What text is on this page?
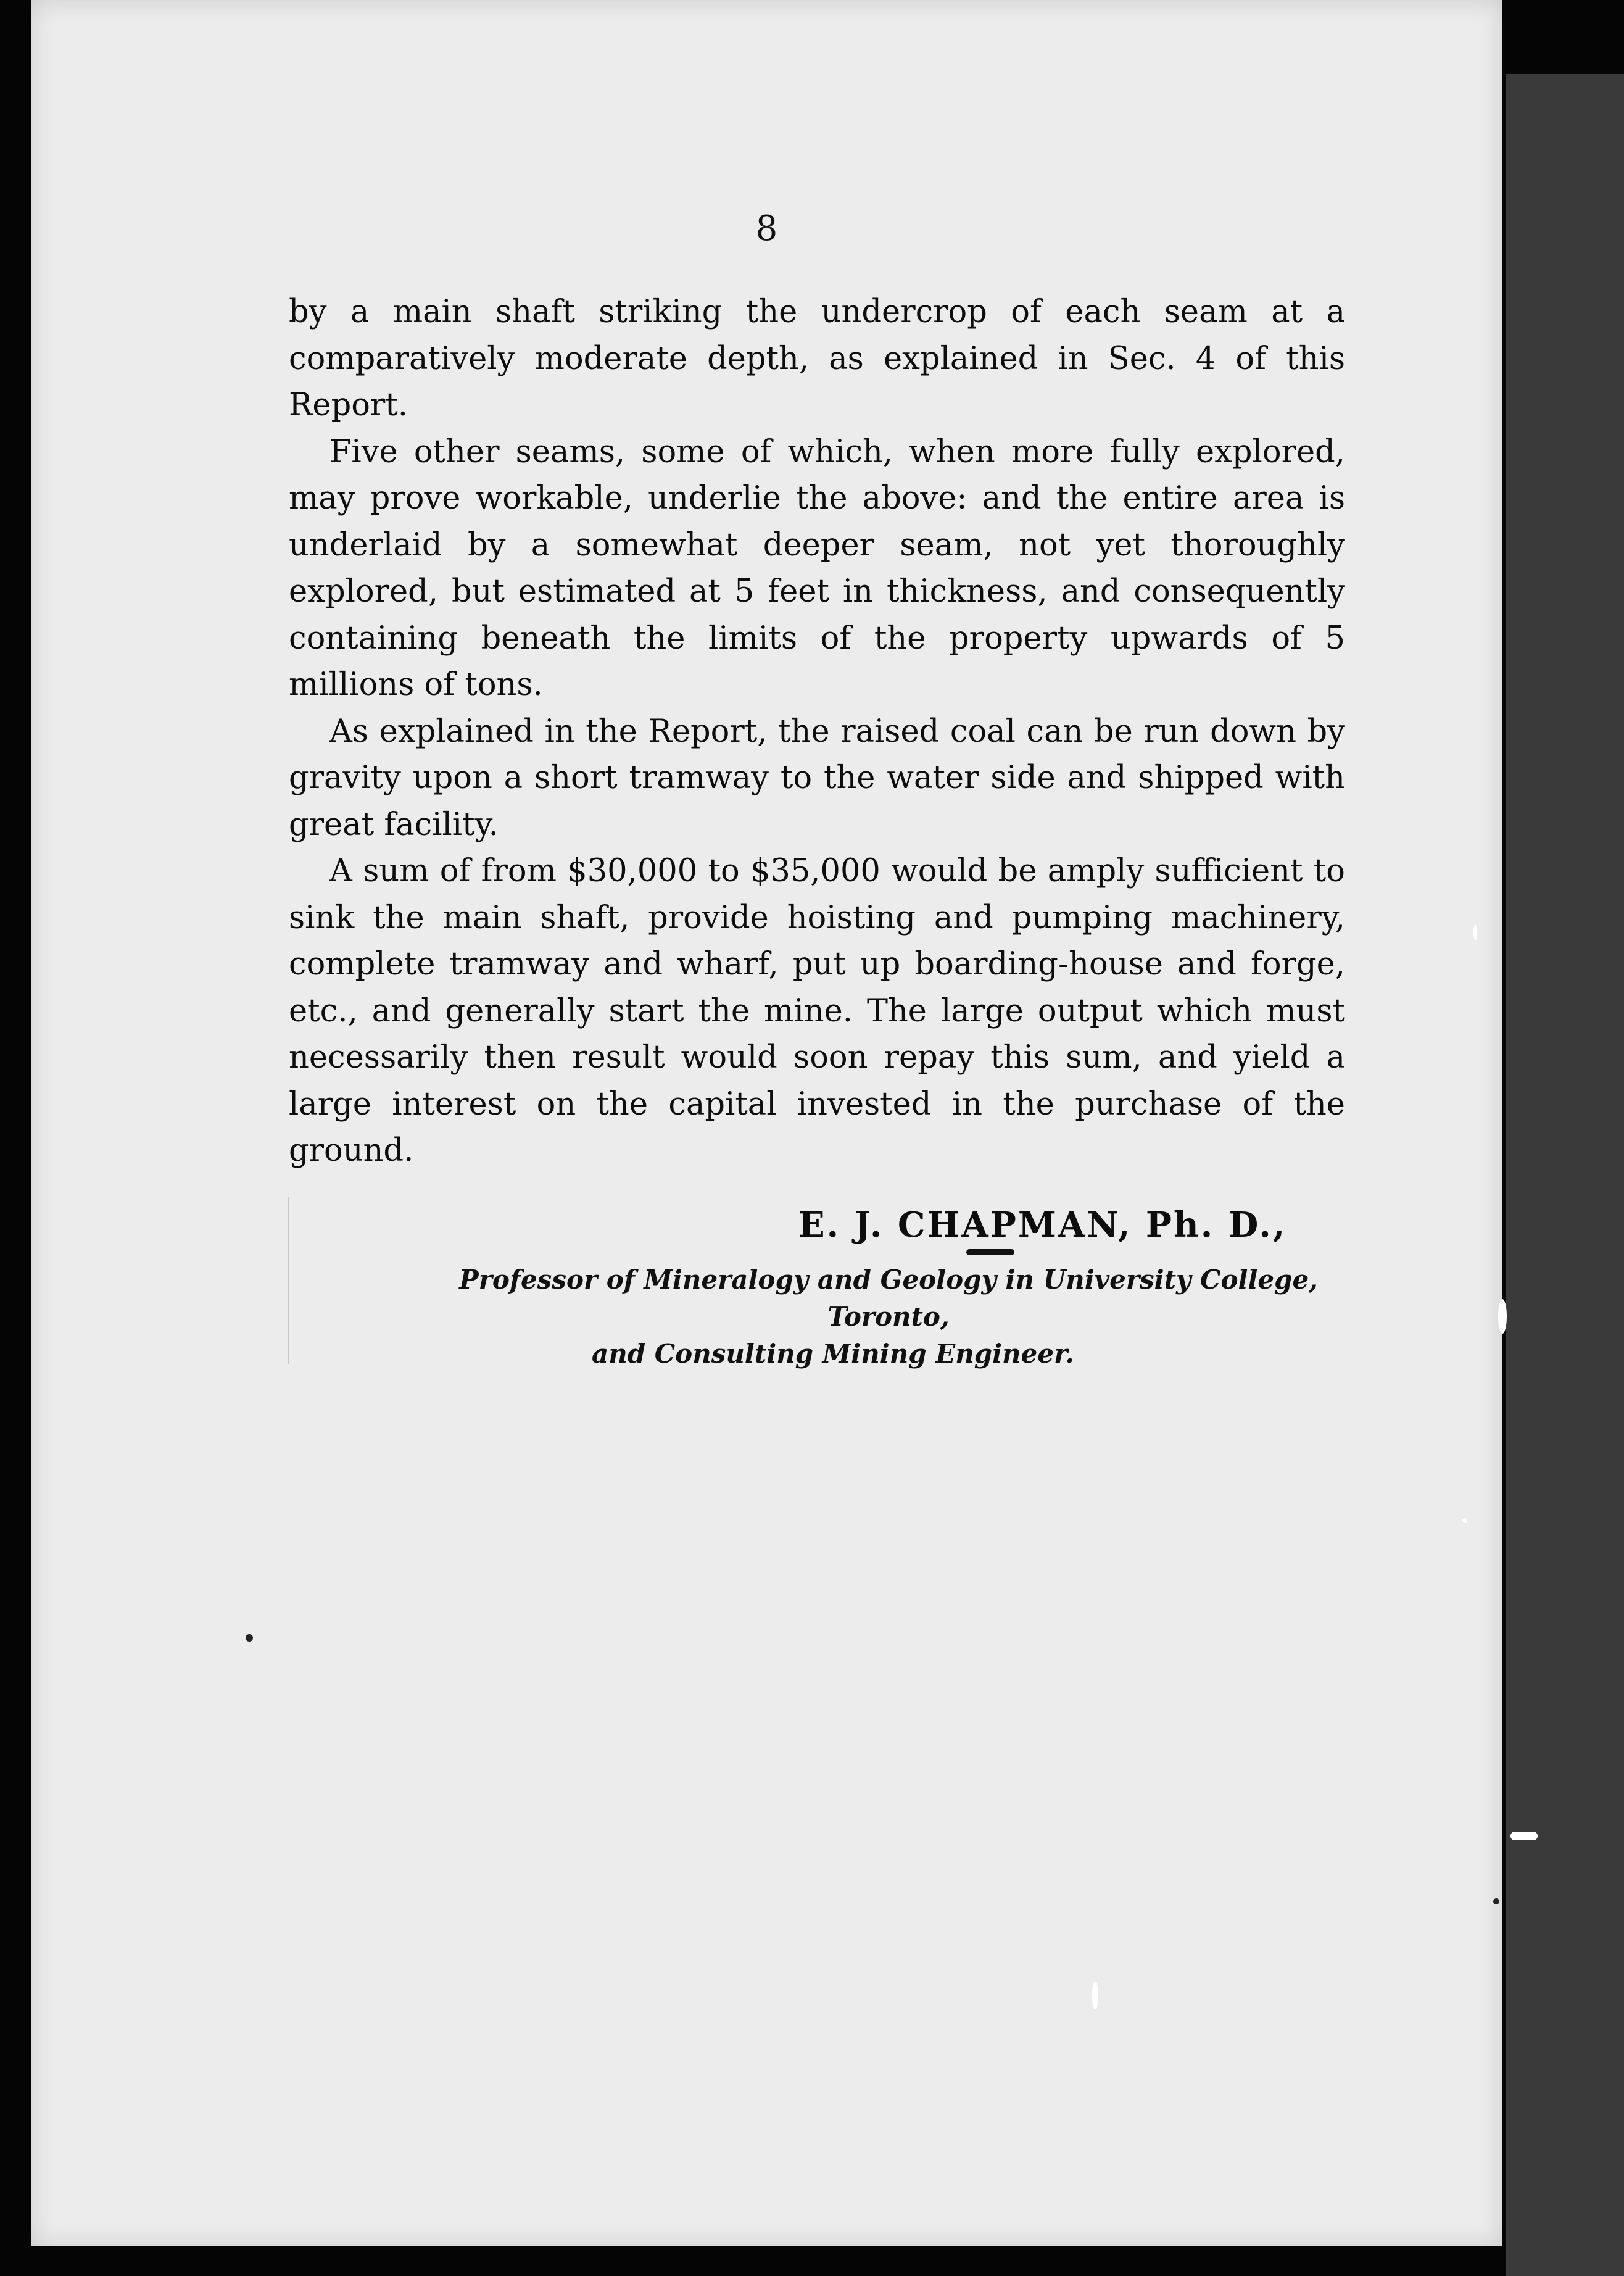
8

by a main shaft striking the undercrop of each seam at a comparatively moderate depth, as explained in Sec. 4 of this Report.

Five other seams, some of which, when more fully explored, may prove workable, underlie the above: and the entire area is underlaid by a somewhat deeper seam, not yet thoroughly explored, but estimated at 5 feet in thickness, and consequently containing beneath the limits of the property upwards of 5 millions of tons.

As explained in the Report, the raised coal can be run down by gravity upon a short tramway to the water side and shipped with great facility.

A sum of from $30,000 to $35,000 would be amply sufficient to sink the main shaft, provide hoisting and pumping machinery, complete tramway and wharf, put up boarding-house and forge, etc., and generally start the mine. The large output which must necessarily then result would soon repay this sum, and yield a large interest on the capital invested in the purchase of the ground.

E. J. CHAPMAN, Ph. D.,
Professor of Mineralogy and Geology in University College, Toronto,
and Consulting Mining Engineer.
